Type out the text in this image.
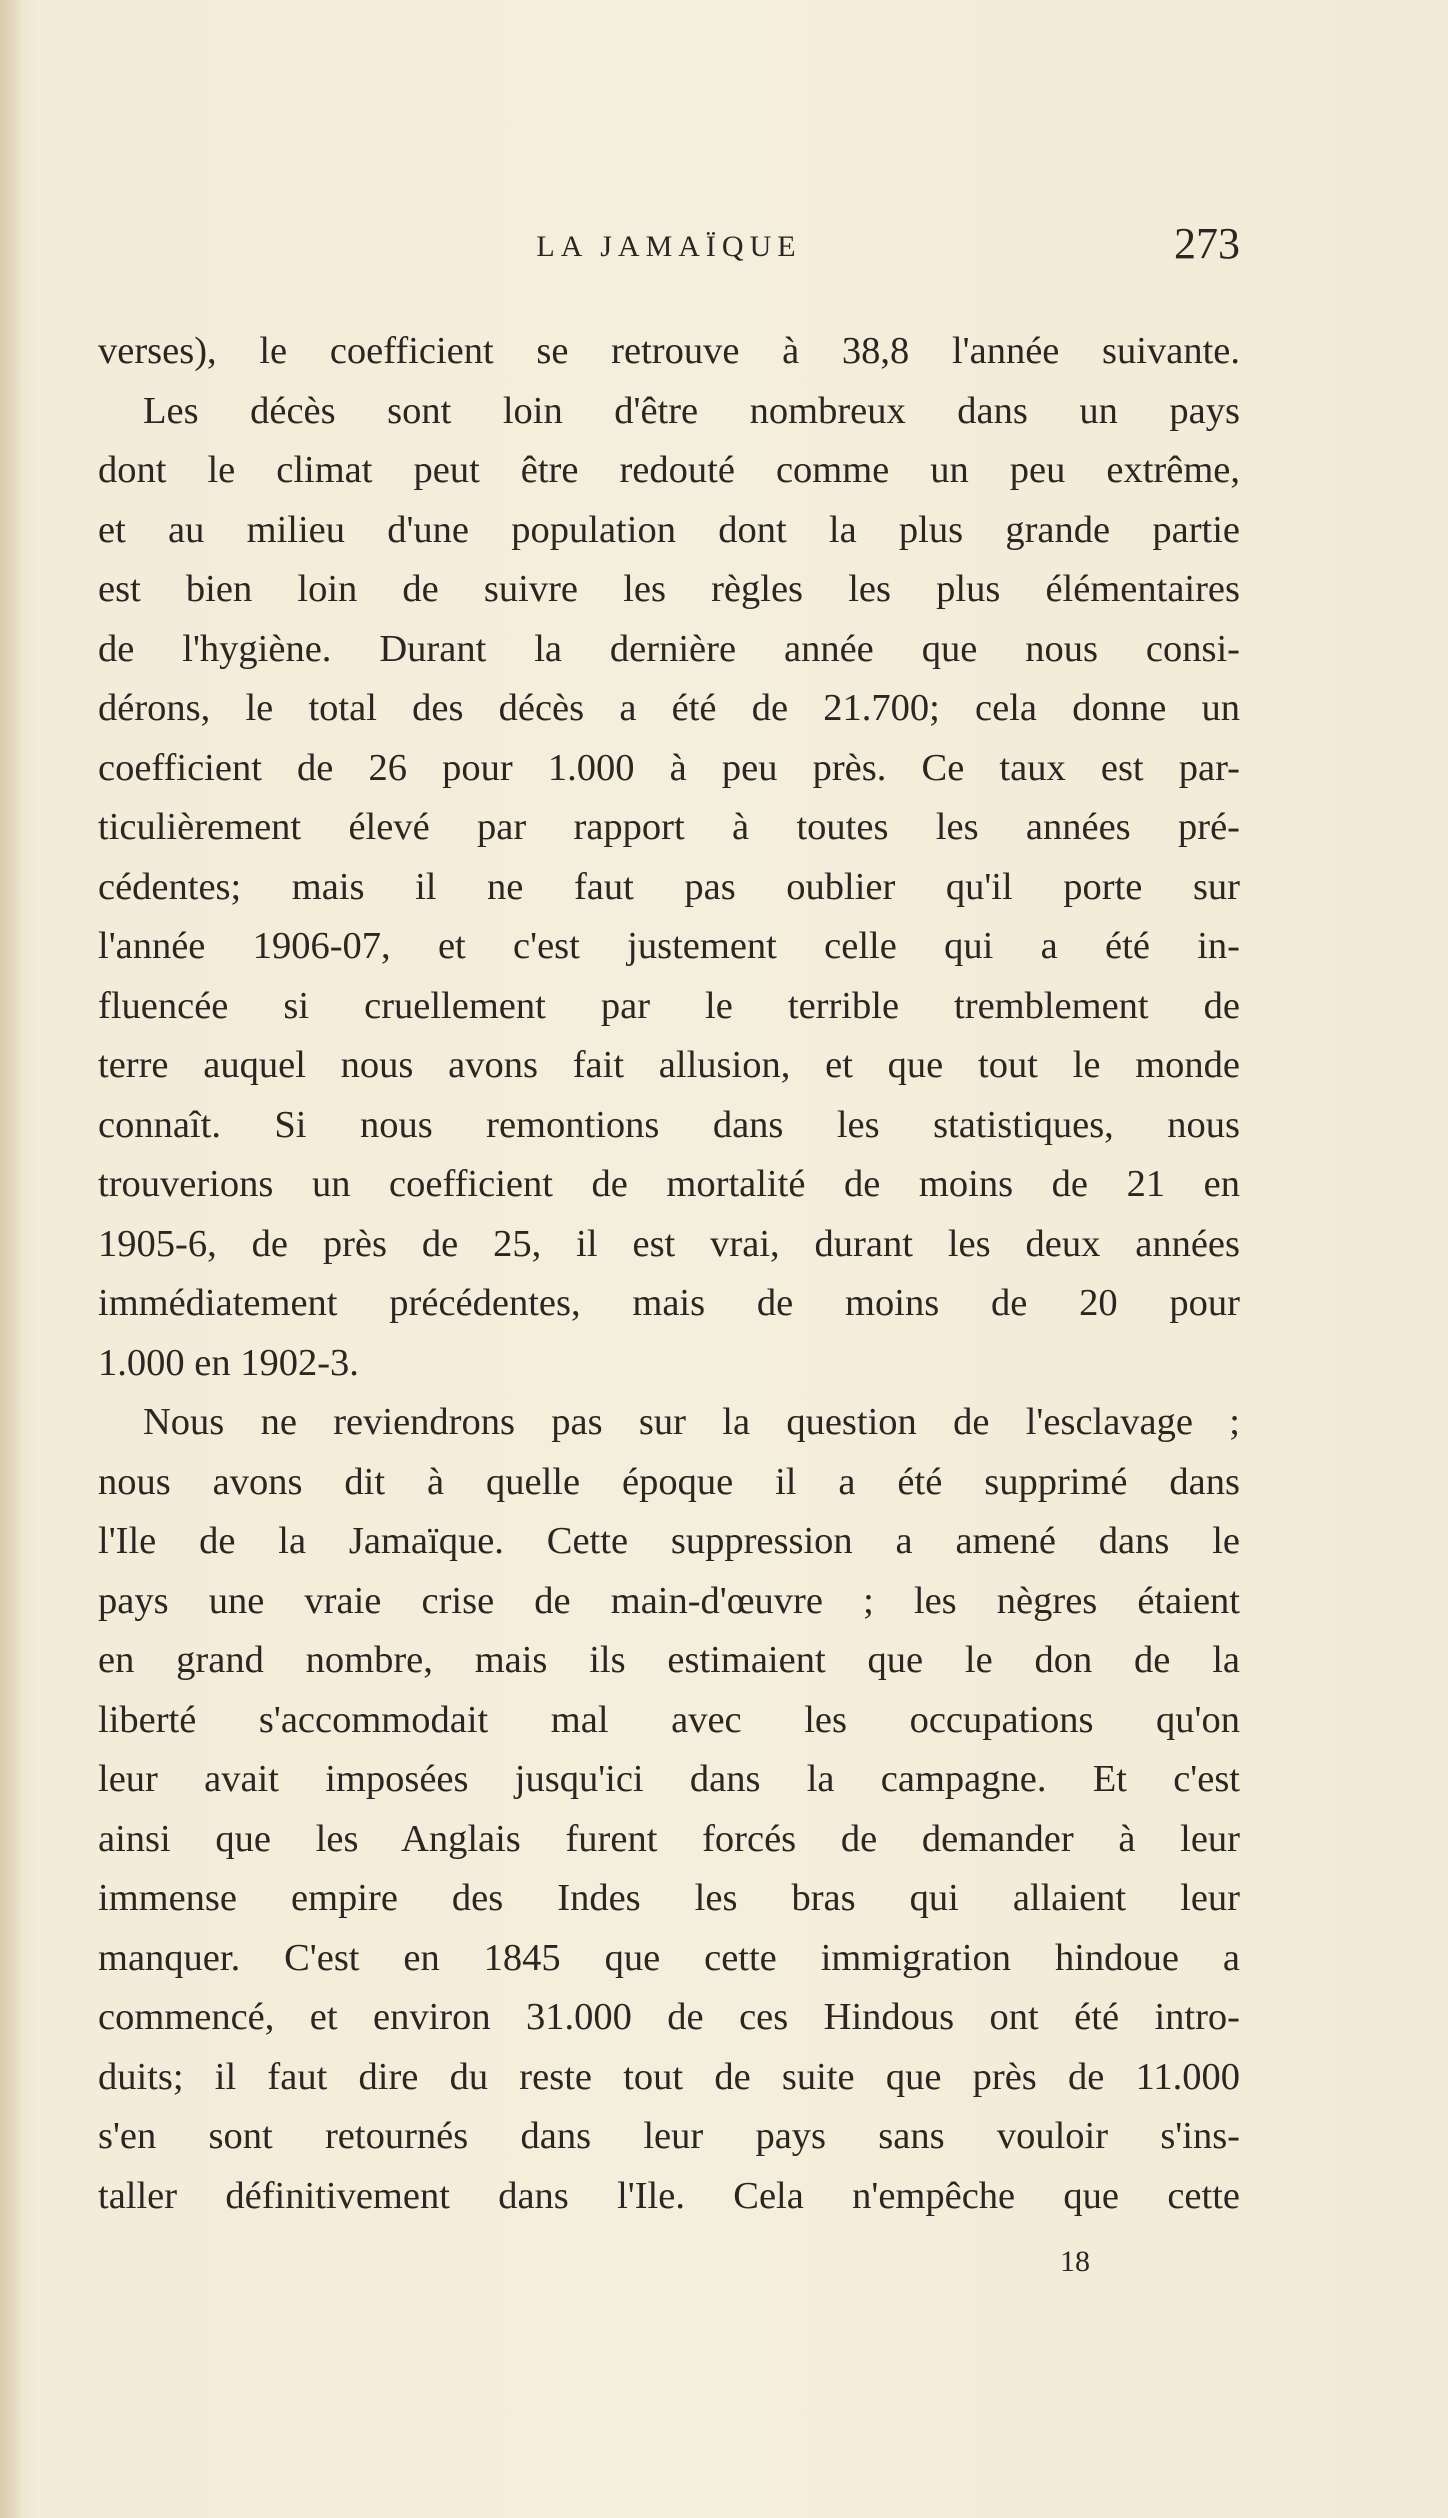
LA JAMAÏQUE	273
verses), le coefficient se retrouve à 38,8 l'année suivante.
Les décès sont loin d'être nombreux dans un pays
dont le climat peut être redouté comme un peu extrême,
et au milieu d'une population dont la plus grande partie
est bien loin de suivre les règles les plus élémentaires
de l'hygiène. Durant la dernière année que nous consi-
dérons, le total des décès a été de 21.700; cela donne un
coefficient de 26 pour 1.000 à peu près. Ce taux est par-
ticulièrement élevé par rapport à toutes les années pré-
cédentes; mais il ne faut pas oublier qu'il porte sur
l'année 1906-07, et c'est justement celle qui a été in-
fluencée si cruellement par le terrible tremblement de
terre auquel nous avons fait allusion, et que tout le monde
connaît. Si nous remontions dans les statistiques, nous
trouverions un coefficient de mortalité de moins de 21 en
1905-6, de près de 25, il est vrai, durant les deux années
immédiatement précédentes, mais de moins de 20 pour
1.000 en 1902-3.
Nous ne reviendrons pas sur la question de l'esclavage ;
nous avons dit à quelle époque il a été supprimé dans
l'Ile de la Jamaïque. Cette suppression a amené dans le
pays une vraie crise de main-d'œuvre ; les nègres étaient
en grand nombre, mais ils estimaient que le don de la
liberté s'accommodait mal avec les occupations qu'on
leur avait imposées jusqu'ici dans la campagne. Et c'est
ainsi que les Anglais furent forcés de demander à leur
immense empire des Indes les bras qui allaient leur
manquer. C'est en 1845 que cette immigration hindoue a
commencé, et environ 31.000 de ces Hindous ont été intro-
duits; il faut dire du reste tout de suite que près de 11.000
s'en sont retournés dans leur pays sans vouloir s'ins-
taller définitivement dans l'Ile. Cela n'empêche que cette
18
